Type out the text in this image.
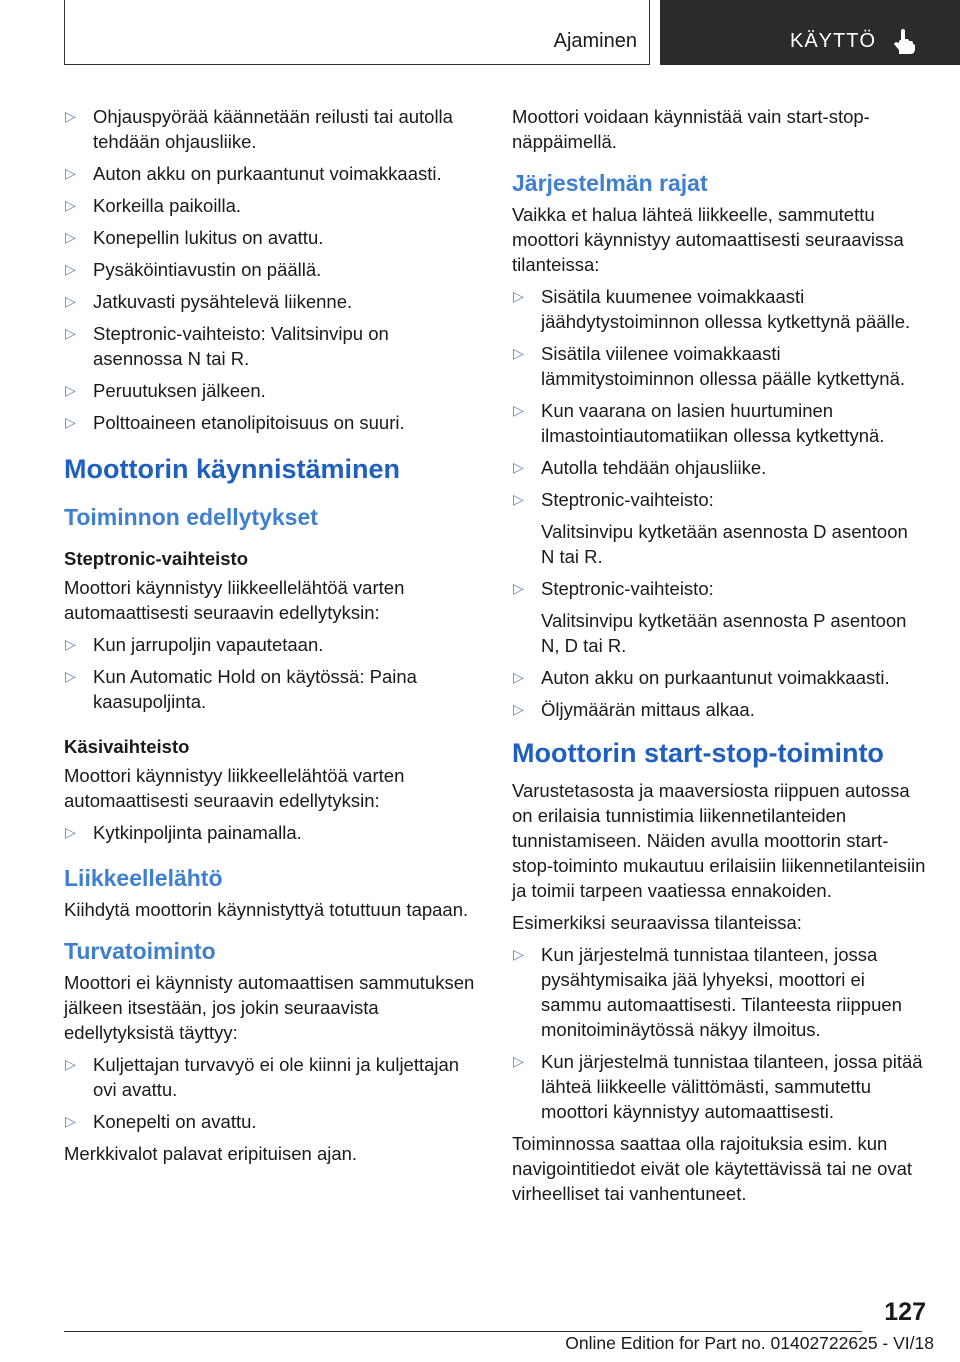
Ajaminen	KÄYTTÖ
▷ Ohjauspyörää käännetään reilusti tai autolla tehdään ohjausliike.

▷ Auton akku on purkaantunut voimakkaasti.

▷ Korkeilla paikoilla.

▷ Konepellin lukitus on avattu.

▷ Pysäköintiavustin on päällä.

▷ Jatkuvasti pysähtelevä liikenne.

▷ Steptronic-vaihteisto: Valitsinvipu on asennossa N tai R.

▷ Peruutuksen jälkeen.

▷ Polttoaineen etanolipitoisuus on suuri.

Moottorin käynnistäminen
Toiminnon edellytykset
Steptronic-vaihteisto

Moottori käynnistyy liikkeellelähtöä varten automaattisesti seuraavin edellytyksin:

▷ Kun jarrupoljin vapautetaan.

▷ Kun Automatic Hold on käytössä: Paina kaasupoljinta.

Käsivaihteisto

Moottori käynnistyy liikkeellelähtöä varten automaattisesti seuraavin edellytyksin:

▷ Kytkinpoljinta painamalla.

Liikkeellelähtö

Kiihdytä moottorin käynnistyttyä totuttuun tapaan.

Turvatoiminto

Moottori ei käynnisty automaattisen sammutuksen jälkeen itsestään, jos jokin seuraavista edellytyksistä täyttyy:

▷ Kuljettajan turvavyö ei ole kiinni ja kuljettajan ovi avattu.

▷ Konepelti on avattu.

Merkkivalot palavat eripituisen ajan.

Moottori voidaan käynnistää vain start-stop-näppäimellä.

Järjestelmän rajat

Vaikka et halua lähteä liikkeelle, sammutettu moottori käynnistyy automaattisesti seuraavissa tilanteissa:

▷ Sisätila kuumenee voimakkaasti jäähdytystoiminnon ollessa kytkettynä päälle.

▷ Sisätila viilenee voimakkaasti lämmitystoiminnon ollessa päälle kytkettynä.

▷ Kun vaarana on lasien huurtuminen ilmastointiautomatiikan ollessa kytkettynä.

▷ Autolla tehdään ohjausliike.

▷ Steptronic-vaihteisto:

Valitsinvipu kytketään asennosta D asentoon N tai R.

▷ Steptronic-vaihteisto:

Valitsinvipu kytketään asennosta P asentoon N, D tai R.

▷ Auton akku on purkaantunut voimakkaasti.

▷ Öljymäärän mittaus alkaa.

Moottorin start-stop-toiminto

Varustetasosta ja maaversiosta riippuen autossa on erilaisia tunnistimia liikennetilanteiden tunnistamiseen. Näiden avulla moottorin start-stop-toiminto mukautuu erilaisiin liikennetilanteisiin ja toimii tarpeen vaatiessa ennakoiden.

Esimerkiksi seuraavissa tilanteissa:

▷ Kun järjestelmä tunnistaa tilanteen, jossa pysähtymisaika jää lyhyeksi, moottori ei sammu automaattisesti. Tilanteesta riippuen monitoiminäytössä näkyy ilmoitus.

▷ Kun järjestelmä tunnistaa tilanteen, jossa pitää lähteä liikkeelle välittömästi, sammutettu moottori käynnistyy automaattisesti.

Toiminnossa saattaa olla rajoituksia esim. kun navigointitiedot eivät ole käytettävissä tai ne ovat virheelliset tai vanhentuneet.

127
Online Edition for Part no. 01402722625 - VI/18
